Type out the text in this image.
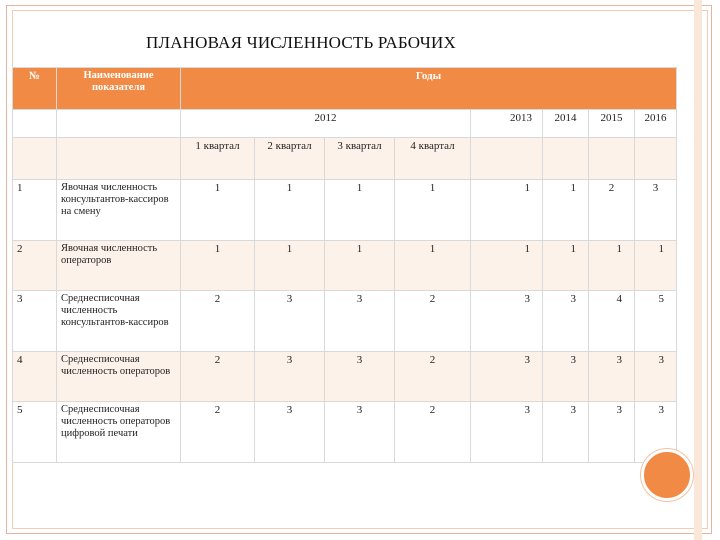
ПЛАНОВАЯ ЧИСЛЕННОСТЬ РАБОЧИХ
№	Наименование показателя	Годы							
		2012				2013	2014	2015	2016
		1 квартал	2 квартал	3 квартал	4 квартал				
1	Явочная численность консультантов-кассиров на смену	1	1	1	1	1	1	2	3
2	Явочная численность операторов	1	1	1	1	1	1	1	1
3	Среднесписочная численность консультантов-кассиров	2	3	3	2	3	3	4	5
4	Среднесписочная численность операторов	2	3	3	2	3	3	3	3
5	Среднесписочная численность операторов цифровой печати	2	3	3	2	3	3	3	3
